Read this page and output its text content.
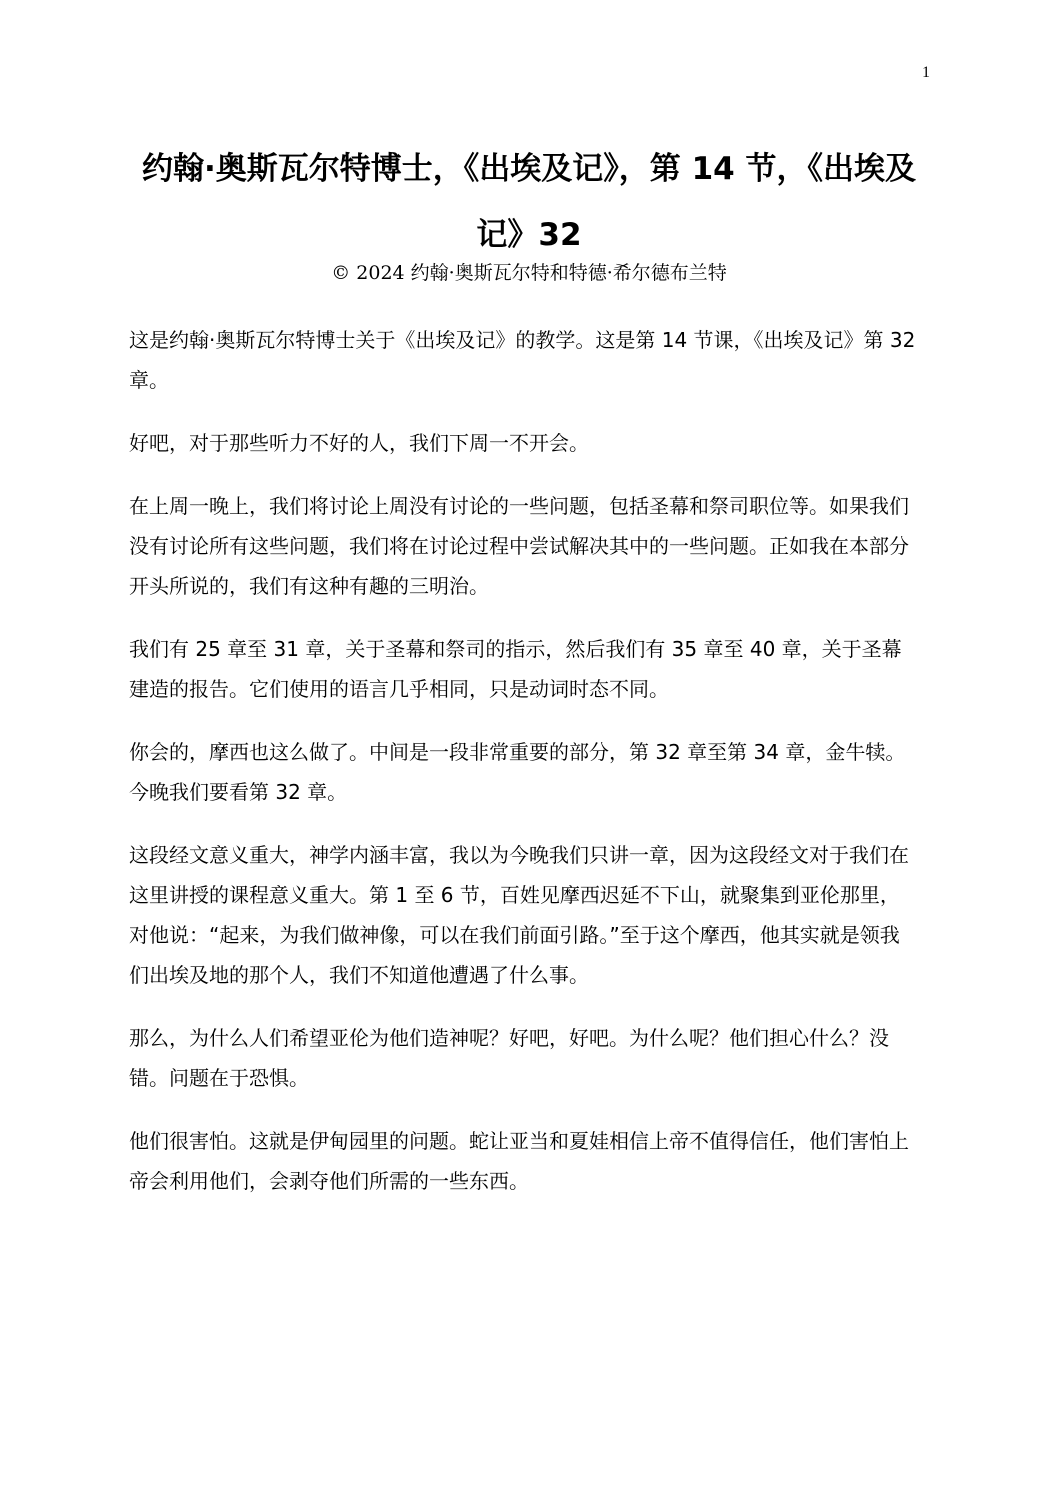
1
约翰·奥斯瓦尔特博士，《出埃及记》，第 14 节，《出埃及记》32

© 2024 约翰·奥斯瓦尔特和特德·希尔德布兰特

这是约翰·奥斯瓦尔特博士关于《出埃及记》的教学。这是第 14 节课，《出埃及记》第 32 章。

好吧，对于那些听力不好的人，我们下周一不开会。

在上周一晚上，我们将讨论上周没有讨论的一些问题，包括圣幕和祭司职位等。如果我们没有讨论所有这些问题，我们将在讨论过程中尝试解决其中的一些问题。正如我在本部分开头所说的，我们有这种有趣的三明治。

我们有 25 章至 31 章，关于圣幕和祭司的指示，然后我们有 35 章至 40 章，关于圣幕建造的报告。它们使用的语言几乎相同，只是动词时态不同。

你会的，摩西也这么做了。中间是一段非常重要的部分，第 32 章至第 34 章，金牛犊。今晚我们要看第 32 章。

这段经文意义重大，神学内涵丰富，我以为今晚我们只讲一章，因为这段经文对于我们在这里讲授的课程意义重大。第 1 至 6 节，百姓见摩西迟延不下山，就聚集到亚伦那里，对他说：“起来，为我们做神像，可以在我们前面引路。”至于这个摩西，他其实就是领我们出埃及地的那个人，我们不知道他遭遇了什么事。

那么，为什么人们希望亚伦为他们造神呢？好吧，好吧。为什么呢？他们担心什么？没错。问题在于恐惧。

他们很害怕。这就是伊甸园里的问题。蛇让亚当和夏娃相信上帝不值得信任，他们害怕上帝会利用他们，会剥夺他们所需的一些东西。
